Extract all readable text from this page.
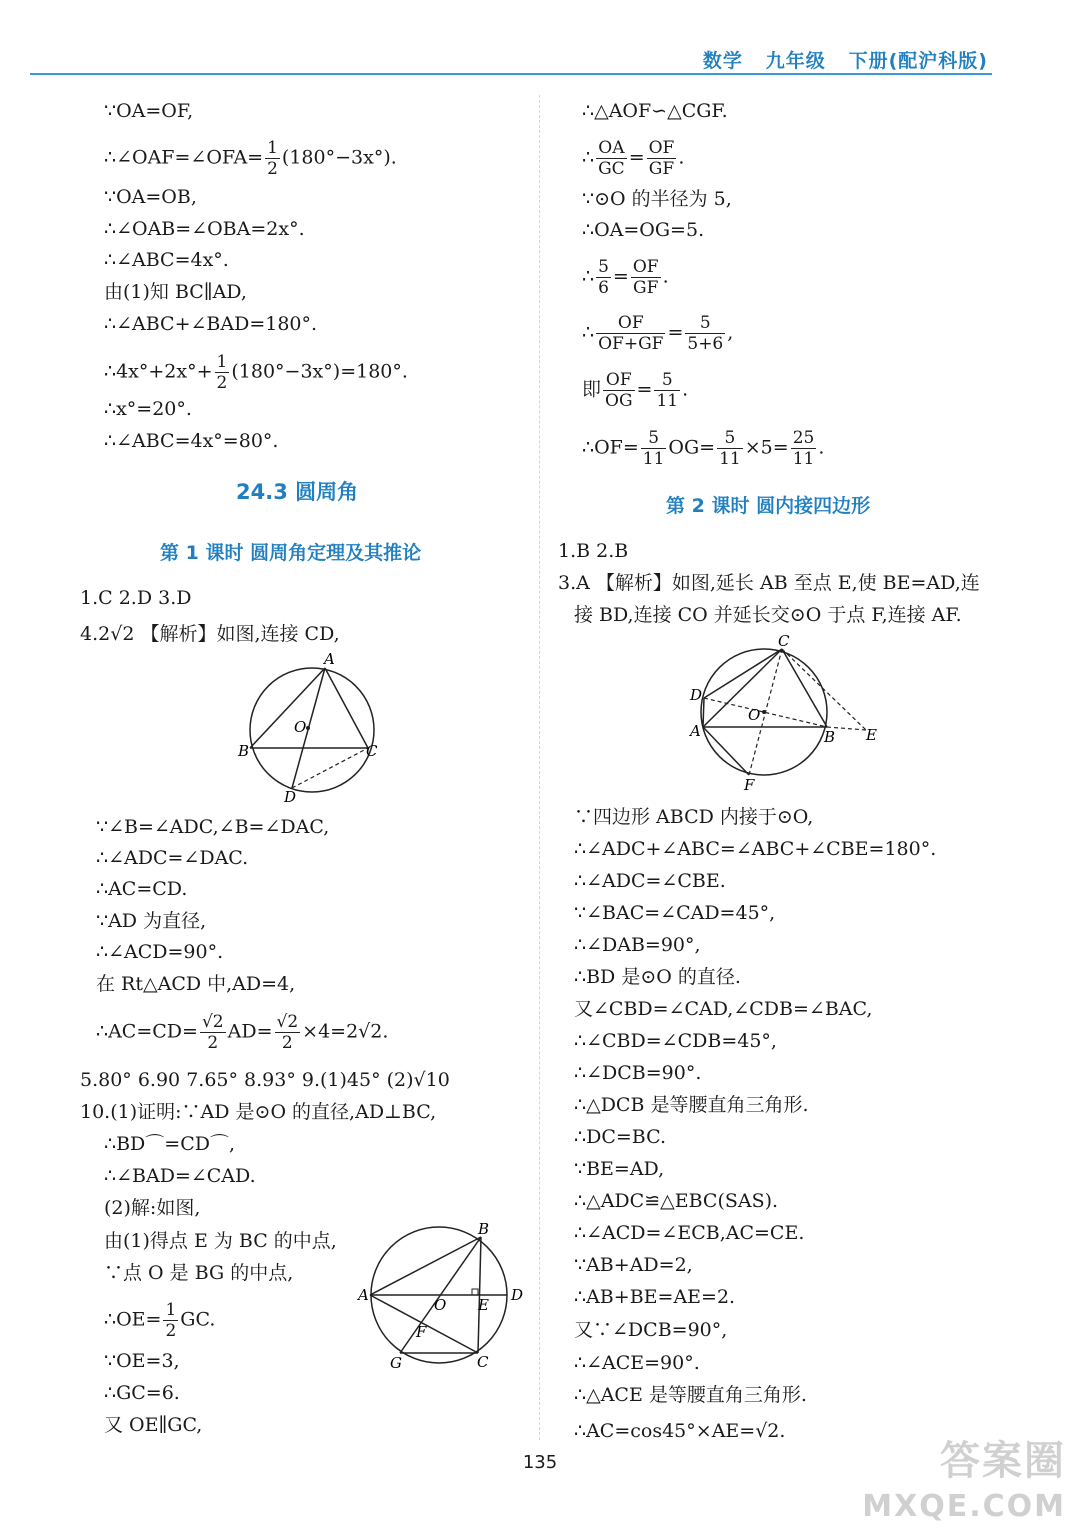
数学 九年级 下册(配沪科版)
∵OA=OF,
∴∠OAF=∠OFA= $\frac{1}{2} (180^\circ-3x^\circ)$.
∵OA=OB,
∴∠OAB=∠OBA=2x°.
∴∠ABC=4x°.
由(1)知 BC∥AD,
∴∠ABC+∠BAD=180°.
∴4x°+2x°+ $\frac{1}{2} (180^\circ-3x^\circ)=180^\circ$.
∴x°=20°.
∴∠ABC=4x°=80°.
24.3 圆周角
第 1 课时 圆周角定理及其推论
1.C 2.D 3.D
4.2√2 【解析】如图,连接 CD,
A
B	C
D
O
∵∠B=∠ADC,∠B=∠DAC,
∴∠ADC=∠DAC.
∴AC=CD.
∵AD 为直径,
∴∠ACD=90°.
在 Rt△ACD 中,AD=4,
∴AC=CD= $\frac{√2}{2} AD= \frac{√2}{2} \times 4=2√2$.
5.80° 6.90 7.65° 8.93° 9.(1)45° (2)√10
10.(1)证明:∵AD 是⊙O 的直径,AD⊥BC,
∴BD⌒=CD⌒,
∴∠BAD=∠CAD.
(2)解:如图,
由(1)得点 E 为 BC 的中点,
∵点 O 是 BG 的中点,
∴OE= $\frac{1}{2}$ GC.
∵OE=3,
∴GC=6.
又 OE∥GC,
A
B
D
O E
F
G	C
∴△AOF∽△CGF.
∴ $\frac{OA}{GC} = \frac{OF}{GF}$ .
∵⊙O 的半径为 5,
∴OA=OG=5.
∴ $\frac{5}{6} = \frac{OF}{GF}$ .
∴ $\frac{OF}{OF+GF} = \frac{5}{5+6}$ ,
即 $\frac{OF}{OG} = \frac{5}{11}$ .
∴OF= $\frac{5}{11} OG= \frac{5}{11} \times 5= \frac{25}{11}$ .
第 2 课时 圆内接四边形
1.B 2.B
3.A 【解析】如图,延长 AB 至点 E,使 BE=AD,连
接 BD,连接 CO 并延长交⊙O 于点 F,连接 AF.
C
D
A	B E
O
F
∵四边形 ABCD 内接于⊙O,
∴∠ADC+∠ABC=∠ABC+∠CBE=180°.
∴∠ADC=∠CBE.
∵∠BAC=∠CAD=45°,
∴∠DAB=90°,
∴BD 是⊙O 的直径.
又∠CBD=∠CAD,∠CDB=∠BAC,
∴∠CBD=∠CDB=45°,
∴∠DCB=90°.
∴△DCB 是等腰直角三角形.
∴DC=BC.
∵BE=AD,
∴△ADC≌△EBC(SAS).
∴∠ACD=∠ECB,AC=CE.
∵AB+AD=2,
∴AB+BE=AE=2.
又∵∠DCB=90°,
∴∠ACE=90°.
∴△ACE 是等腰直角三角形.
∴AC=cos45°×AE=√2.
135	答案圈
MXQE.COM
